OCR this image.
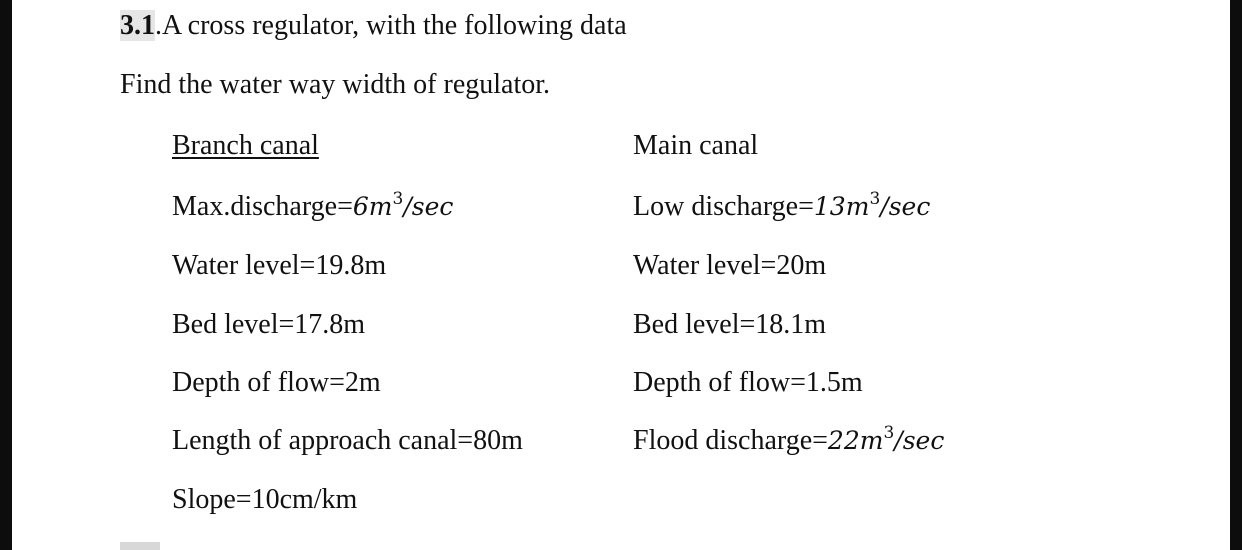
3.1.A cross regulator, with the following data
Find the water way width of regulator.
Branch canal
$Max.discharge=6m^3/\sec$
Water level=19.8m
Bed level=17.8m
Depth of flow=2m
Length of approach canal=80m
Slope=10cm/km
Main canal
Low $discharge=13m^3/\sec$
Water level=20m
Bed level=18.1m
Depth of flow=1.5m
Flood $discharge=22m^3/\sec$
